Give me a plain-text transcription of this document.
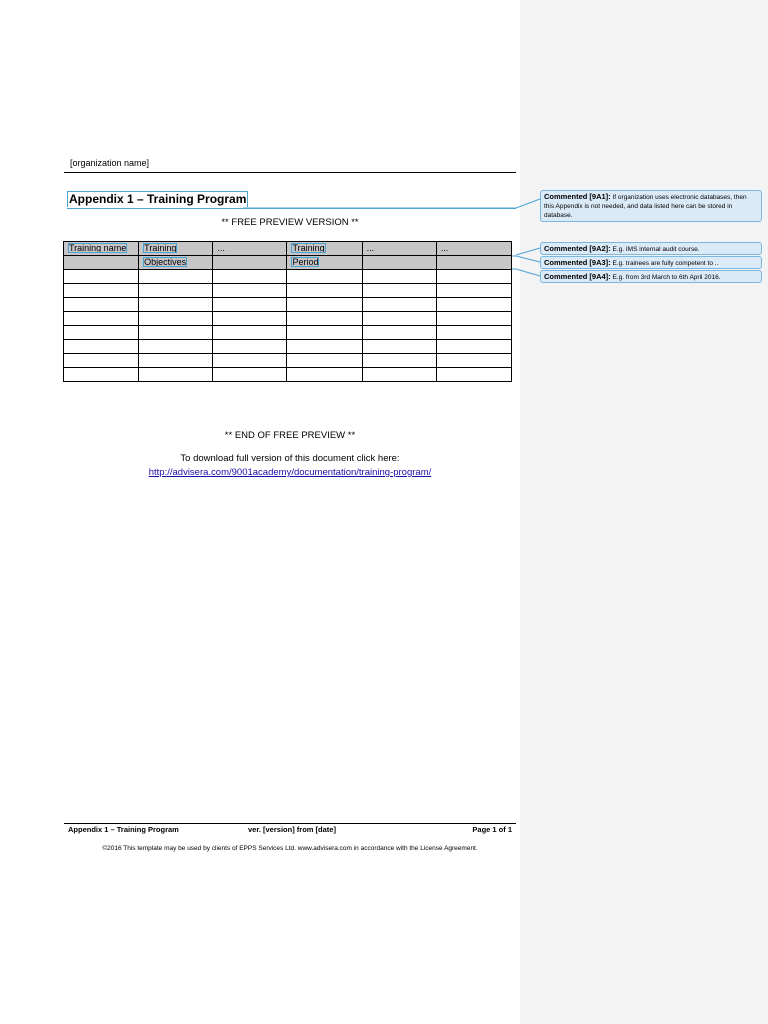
[organization name]
Appendix 1 – Training Program
** FREE PREVIEW VERSION **
Training name	Training	...	Training	...	...
	Objectives		Period		

** END OF FREE PREVIEW **
To download full version of this document click here:
http://advisera.com/9001academy/documentation/training-program/
Appendix 1 – Training Program	ver. [version] from [date]	Page 1 of 1
©2016 This template may be used by clients of EPPS Services Ltd. www.advisera.com in accordance with the License Agreement.
Commented [9A1]: If organization uses electronic databases, then this Appendix is not needed, and data listed here can be stored in database.
Commented [9A2]: E.g. IMS internal audit course.
Commented [9A3]: E.g. trainees are fully competent to ..
Commented [9A4]: E.g. from 3rd March to 6th April 2016.
